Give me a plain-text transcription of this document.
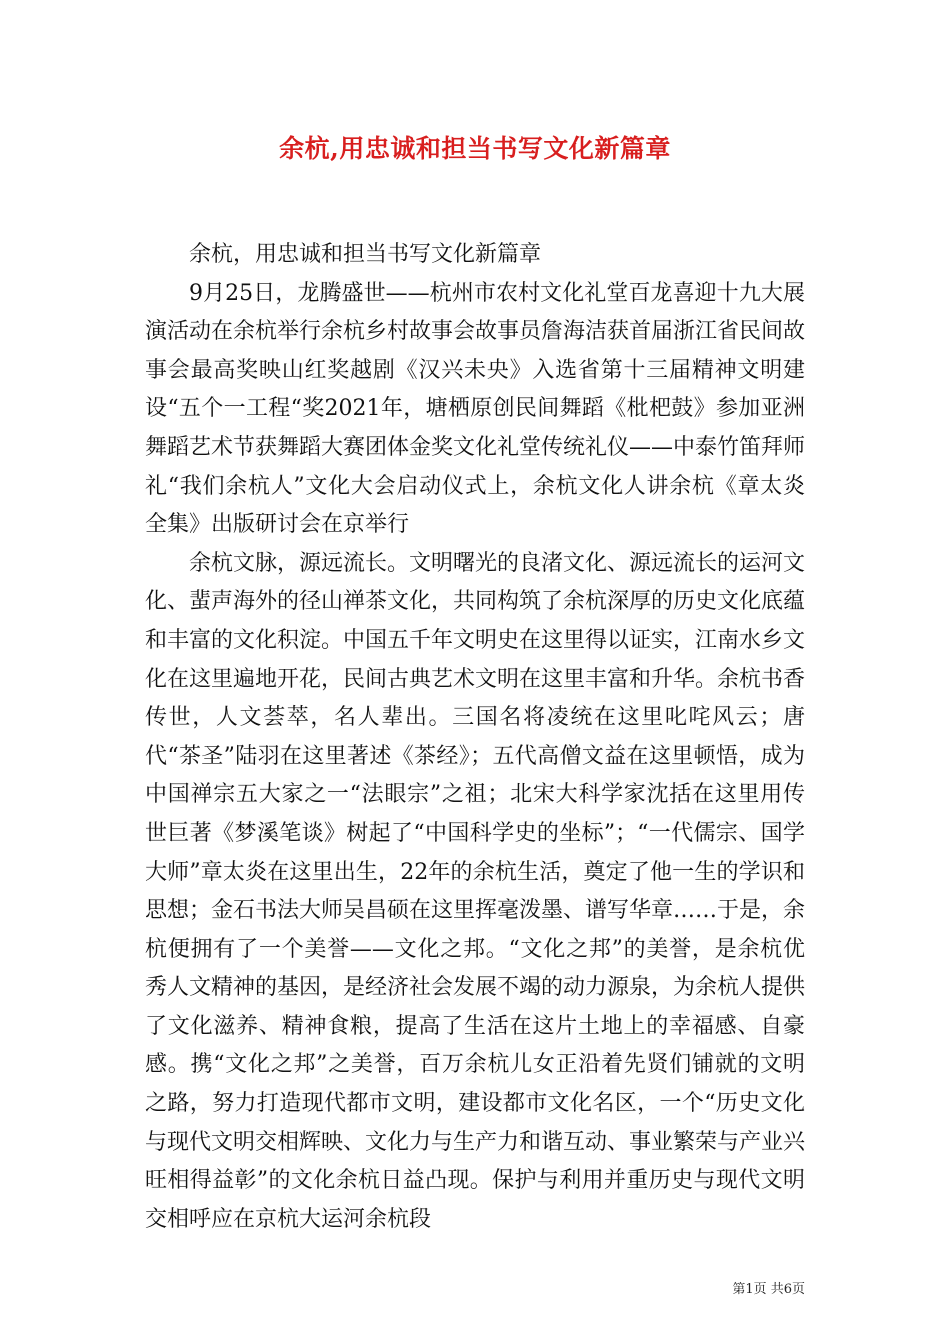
余杭,用忠诚和担当书写文化新篇章

余杭，用忠诚和担当书写文化新篇章

9月25日，龙腾盛世——杭州市农村文化礼堂百龙喜迎十九大展演活动在余杭举行余杭乡村故事会故事员詹海洁获首届浙江省民间故事会最高奖映山红奖越剧《汉兴未央》入选省第十三届精神文明建设“五个一工程“奖2021年，塘栖原创民间舞蹈《枇杷鼓》参加亚洲舞蹈艺术节获舞蹈大赛团体金奖文化礼堂传统礼仪——中泰竹笛拜师礼“我们余杭人”文化大会启动仪式上，余杭文化人讲余杭《章太炎全集》出版研讨会在京举行

余杭文脉，源远流长。文明曙光的良渚文化、源远流长的运河文化、蜚声海外的径山禅茶文化，共同构筑了余杭深厚的历史文化底蕴和丰富的文化积淀。中国五千年文明史在这里得以证实，江南水乡文化在这里遍地开花，民间古典艺术文明在这里丰富和升华。余杭书香传世，人文荟萃，名人辈出。三国名将凌统在这里叱咤风云；唐代“茶圣”陆羽在这里著述《茶经》；五代高僧文益在这里顿悟，成为中国禅宗五大家之一“法眼宗”之祖；北宋大科学家沈括在这里用传世巨著《梦溪笔谈》树起了“中国科学史的坐标”；“一代儒宗、国学大师”章太炎在这里出生，22年的余杭生活，奠定了他一生的学识和思想；金石书法大师吴昌硕在这里挥毫泼墨、谱写华章……于是，余杭便拥有了一个美誉——文化之邦。“文化之邦”的美誉，是余杭优秀人文精神的基因，是经济社会发展不竭的动力源泉，为余杭人提供了文化滋养、精神食粮，提高了生活在这片土地上的幸福感、自豪感。携“文化之邦”之美誉，百万余杭儿女正沿着先贤们铺就的文明之路，努力打造现代都市文明，建设都市文化名区，一个“历史文化与现代文明交相辉映、文化力与生产力和谐互动、事业繁荣与产业兴旺相得益彰”的文化余杭日益凸现。保护与利用并重历史与现代文明交相呼应在京杭大运河余杭段

第1页 共6页
